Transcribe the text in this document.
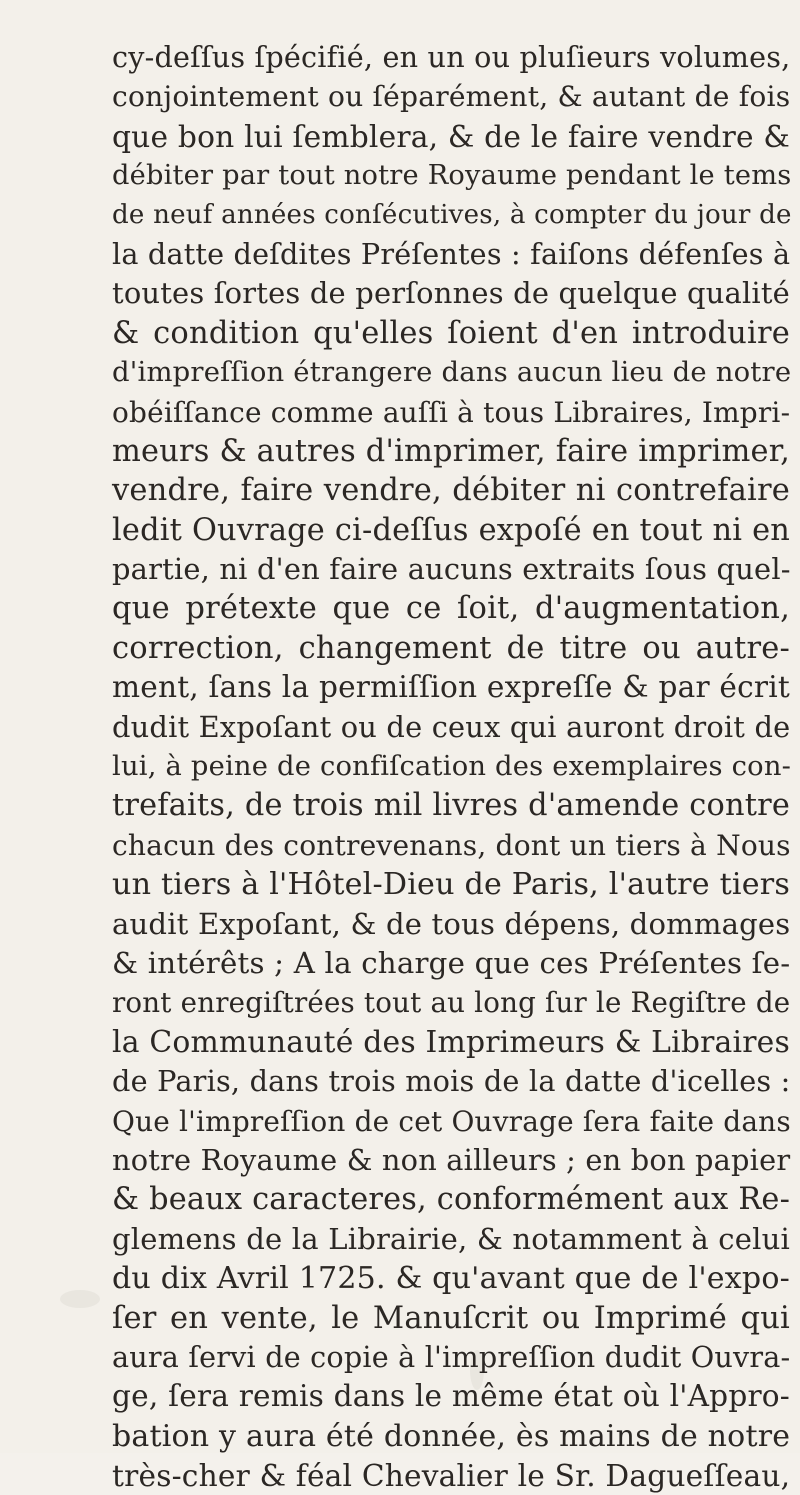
cy-deſſus ſpécifié, en un ou pluſieurs volumes,
conjointement ou ſéparément, & autant de fois
que bon lui ſemblera, & de le faire vendre &
débiter par tout notre Royaume pendant le tems
de neuf années conſécutives, à compter du jour de
la datte deſdites Préſentes : faiſons défenſes à
toutes ſortes de perſonnes de quelque qualité
& condition qu'elles ſoient d'en introduire
d'impreſſion étrangere dans aucun lieu de notre
obéiſſance comme auſſi à tous Libraires, Impri-
meurs & autres d'imprimer, faire imprimer,
vendre, faire vendre, débiter ni contrefaire
ledit Ouvrage ci-deſſus expoſé en tout ni en
partie, ni d'en faire aucuns extraits ſous quel-
que prétexte que ce ſoit, d'augmentation,
correction, changement de titre ou autre-
ment, ſans la permiſſion expreſſe & par écrit
dudit Expoſant ou de ceux qui auront droit de
lui, à peine de confiſcation des exemplaires con-
trefaits, de trois mil livres d'amende contre
chacun des contrevenans, dont un tiers à Nous
un tiers à l'Hôtel-Dieu de Paris, l'autre tiers
audit Expoſant, & de tous dépens, dommages
& intérêts ; A la charge que ces Préſentes ſe-
ront enregiſtrées tout au long ſur le Regiſtre de
la Communauté des Imprimeurs & Libraires
de Paris, dans trois mois de la datte d'icelles :
Que l'impreſſion de cet Ouvrage ſera faite dans
notre Royaume & non ailleurs ; en bon papier
& beaux caracteres, conformément aux Re-
glemens de la Librairie, & notamment à celui
du dix Avril 1725. & qu'avant que de l'expo-
ſer en vente, le Manuſcrit ou Imprimé qui
aura ſervi de copie à l'impreſſion dudit Ouvra-
ge, ſera remis dans le même état où l'Appro-
bation y aura été donnée, ès mains de notre
très-cher & féal Chevalier le Sr. Dagueſſeau,
